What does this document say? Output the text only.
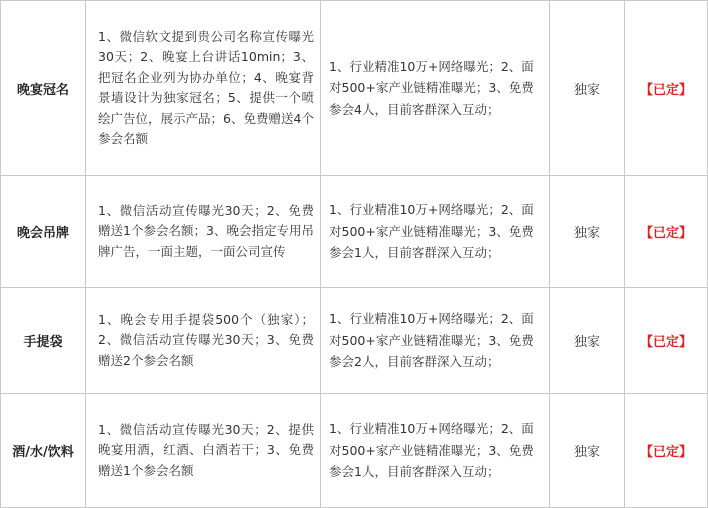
晚宴冠名	1、微信软文提到贵公司名称宣传曝光30天；2、晚宴上台讲话10min；3、把冠名企业列为协办单位；4、晚宴背景墙设计为独家冠名；5、提供一个喷绘广告位，展示产品；6、免费赠送4个参会名额	1、行业精准10万+网络曝光；2、面对500+家产业链精准曝光；3、免费参会4人，目前客群深入互动；	独家	【 已定 】
晚会吊牌	1、微信活动宣传曝光30天；2、免费赠送1个参会名额；3、晚会指定专用吊牌广告，一面主题，一面公司宣传	1、行业精准10万+网络曝光；2、面对500+家产业链精准曝光；3、免费参会1人，目前客群深入互动；	独家	【 已定 】
手提袋	1、晚会专用手提袋500个（独家）；2、微信活动宣传曝光30天；3、免费赠送2个参会名额	1、行业精准10万+网络曝光；2、面对500+家产业链精准曝光；3、免费参会2人，目前客群深入互动；	独家	【 已定 】
酒/水/饮料	1、微信活动宣传曝光30天；2、提供晚宴用酒，红酒、白酒若干；3、免费赠送1个参会名额	1、行业精准10万+网络曝光；2、面对500+家产业链精准曝光；3、免费参会1人，目前客群深入互动；	独家	【 已定 】
